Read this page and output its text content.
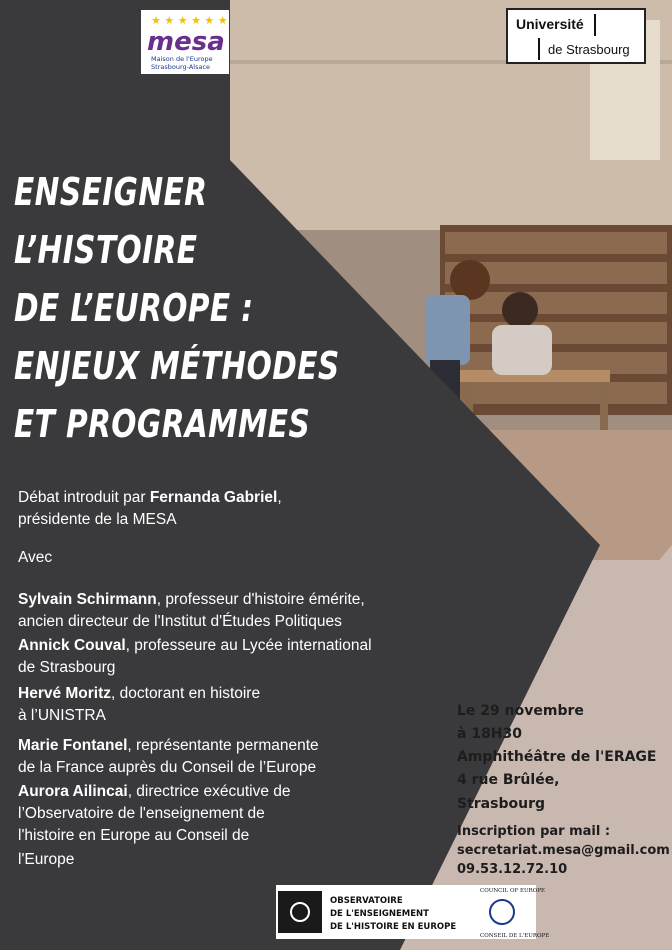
★ ★ ★ ★ ★ ★
mesa
Maison de l'Europe
Strasbourg-Alsace
Université
de Strasbourg
ENSEIGNER
L’HISTOIRE
DE L’EUROPE :
ENJEUX MÉTHODES
ET PROGRAMMES
Débat introduit par Fernanda Gabriel,
présidente de la MESA
Avec
Sylvain Schirmann, professeur d'histoire émérite,
ancien directeur de l'Institut d'Études Politiques
Annick Couval, professeure au Lycée international
de Strasbourg
Hervé Moritz, doctorant en histoire
à l’UNISTRA
Marie Fontanel, représentante permanente
de la France auprès du Conseil de l’Europe
Aurora Ailincai, directrice exécutive de
l’Observatoire de l'enseignement de
l'histoire en Europe au Conseil de
l'Europe
Le 29 novembre
à 18H30
Amphithéâtre de l'ERAGE
4 rue Brûlée,
Strasbourg
Inscription par mail :
secretariat.mesa@gmail.com
09.53.12.72.10
OBSERVATOIRE
DE L'ENSEIGNEMENT
DE L'HISTOIRE EN EUROPE
COUNCIL OF EUROPE
CONSEIL DE L'EUROPE
